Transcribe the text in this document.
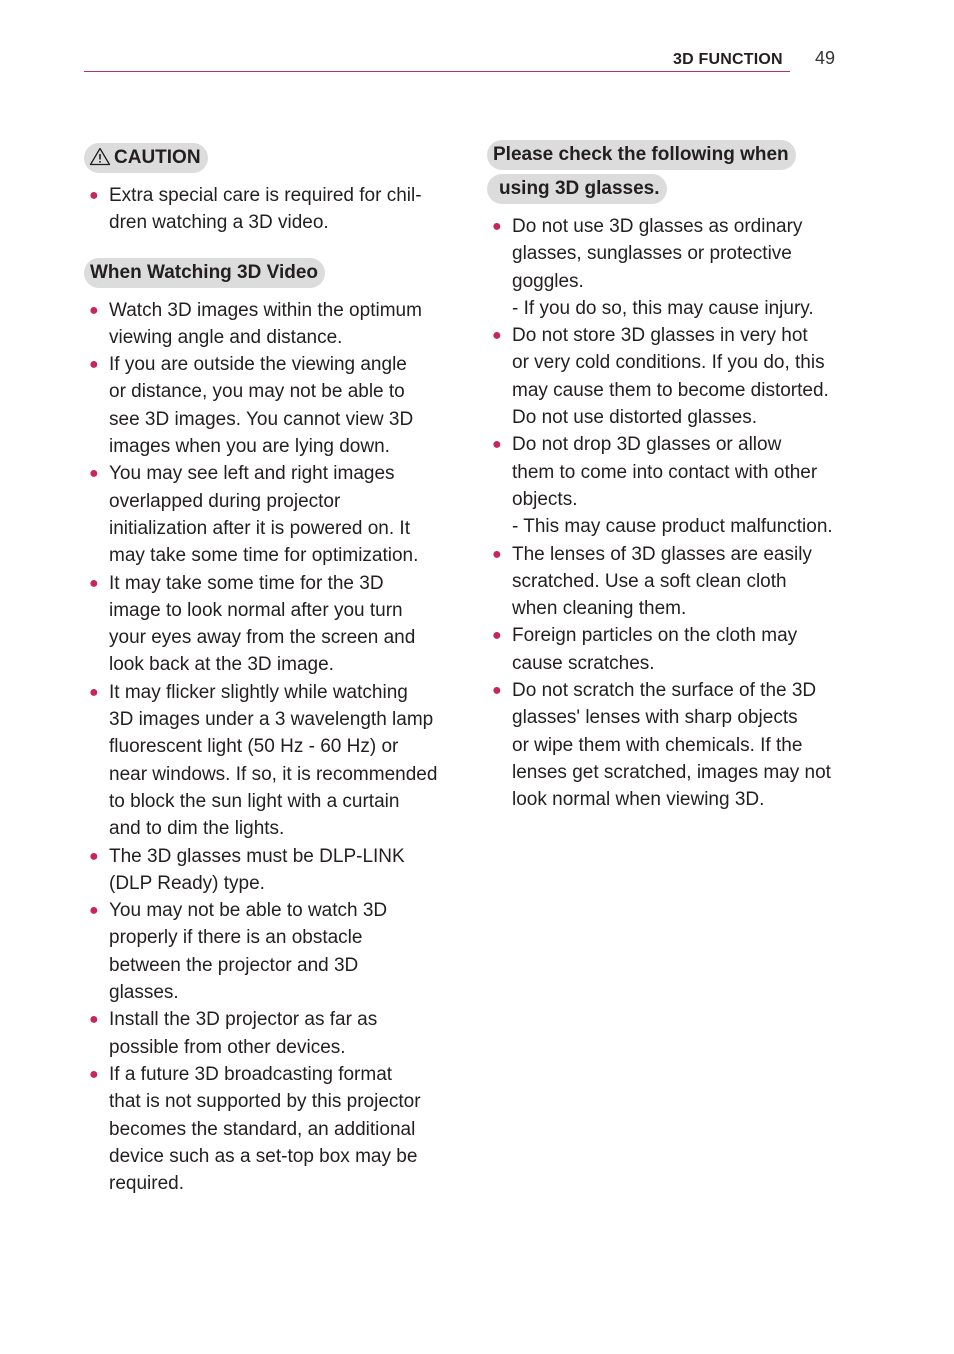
3D FUNCTION 49
CAUTION
● Extra special care is required for chil-
dren watching a 3D video.
When Watching 3D Video
● Watch 3D images within the optimum
viewing angle and distance.
● If you are outside the viewing angle
or distance, you may not be able to
see 3D images. You cannot view 3D
images when you are lying down.
● You may see left and right images
overlapped during projector
initialization after it is powered on. It
may take some time for optimization.
● It may take some time for the 3D
image to look normal after you turn
your eyes away from the screen and
look back at the 3D image.
● It may flicker slightly while watching
3D images under a 3 wavelength lamp
fluorescent light (50 Hz - 60 Hz) or
near windows. If so, it is recommended
to block the sun light with a curtain
and to dim the lights.
● The 3D glasses must be DLP-LINK
(DLP Ready) type.
● You may not be able to watch 3D
properly if there is an obstacle
between the projector and 3D
glasses.
● Install the 3D projector as far as
possible from other devices.
● If a future 3D broadcasting format
that is not supported by this projector
becomes the standard, an additional
device such as a set-top box may be
required.
Please check the following when
using 3D glasses.
● Do not use 3D glasses as ordinary
glasses, sunglasses or protective
goggles.
- If you do so, this may cause injury.
● Do not store 3D glasses in very hot
or very cold conditions. If you do, this
may cause them to become distorted.
Do not use distorted glasses.
● Do not drop 3D glasses or allow
them to come into contact with other
objects.
- This may cause product malfunction.
● The lenses of 3D glasses are easily
scratched. Use a soft clean cloth
when cleaning them.
● Foreign particles on the cloth may
cause scratches.
● Do not scratch the surface of the 3D
glasses' lenses with sharp objects
or wipe them with chemicals. If the
lenses get scratched, images may not
look normal when viewing 3D.
